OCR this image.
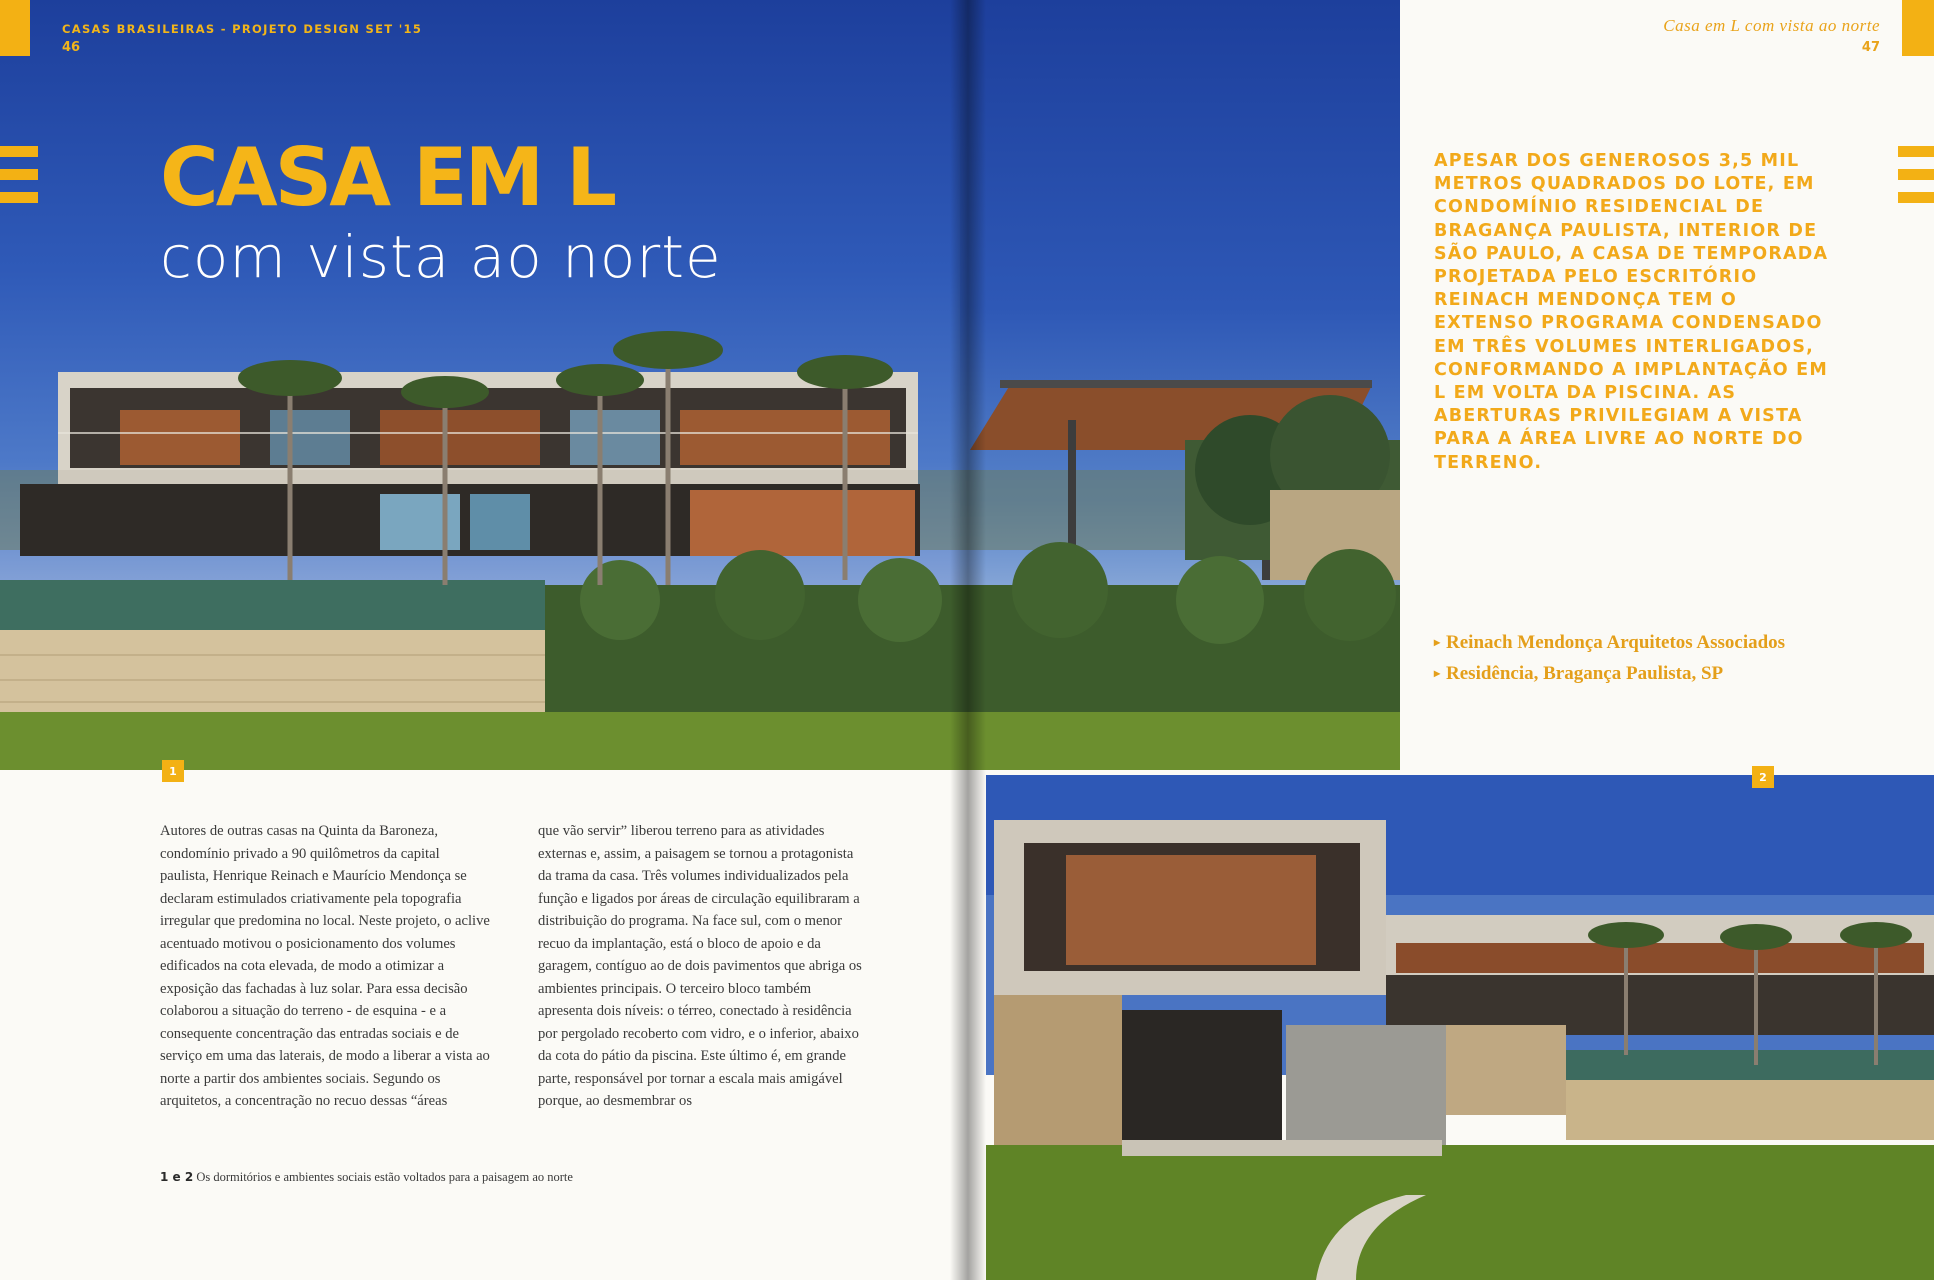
CASAS BRASILEIRAS - PROJETO DESIGN SET '15
46
Casa em L com vista ao norte
47
CASA EM L
com vista ao norte

APESAR DOS GENEROSOS 3,5 MIL METROS QUADRADOS DO LOTE, EM CONDOMÍNIO RESIDENCIAL DE BRAGANÇA PAULISTA, INTERIOR DE SÃO PAULO, A CASA DE TEMPORADA PROJETADA PELO ESCRITÓRIO REINACH MENDONÇA TEM O EXTENSO PROGRAMA CONDENSADO EM TRÊS VOLUMES INTERLIGADOS, CONFORMANDO A IMPLANTAÇÃO EM L EM VOLTA DA PISCINA. AS ABERTURAS PRIVILEGIAM A VISTA PARA A ÁREA LIVRE AO NORTE DO TERRENO.

▸ Reinach Mendonça Arquitetos Associados
▸ Residência, Bragança Paulista, SP
1	2

Autores de outras casas na Quinta da Baroneza, condomínio privado a 90 quilômetros da capital paulista, Henrique Reinach e Maurício Mendonça se declaram estimulados criativamente pela topografia irregular que predomina no local. Neste projeto, o aclive acentuado motivou o posicionamento dos volumes edificados na cota elevada, de modo a otimizar a exposição das fachadas à luz solar. Para essa decisão colaborou a situação do terreno - de esquina - e a consequente concentração das entradas sociais e de serviço em uma das laterais, de modo a liberar a vista ao norte a partir dos ambientes sociais. Segundo os arquitetos, a concentração no recuo dessas “áreas

que vão servir” liberou terreno para as atividades externas e, assim, a paisagem se tornou a protagonista da trama da casa. Três volumes individualizados pela função e ligados por áreas de circulação equilibraram a distribuição do programa. Na face sul, com o menor recuo da implantação, está o bloco de apoio e da garagem, contíguo ao de dois pavimentos que abriga os ambientes principais. O terceiro bloco também apresenta dois níveis: o térreo, conectado à residência por pergolado recoberto com vidro, e o inferior, abaixo da cota do pátio da piscina. Este último é, em grande parte, responsável por tornar a escala mais amigável porque, ao desmembrar os

1 e 2 Os dormitórios e ambientes sociais estão voltados para a paisagem ao norte
